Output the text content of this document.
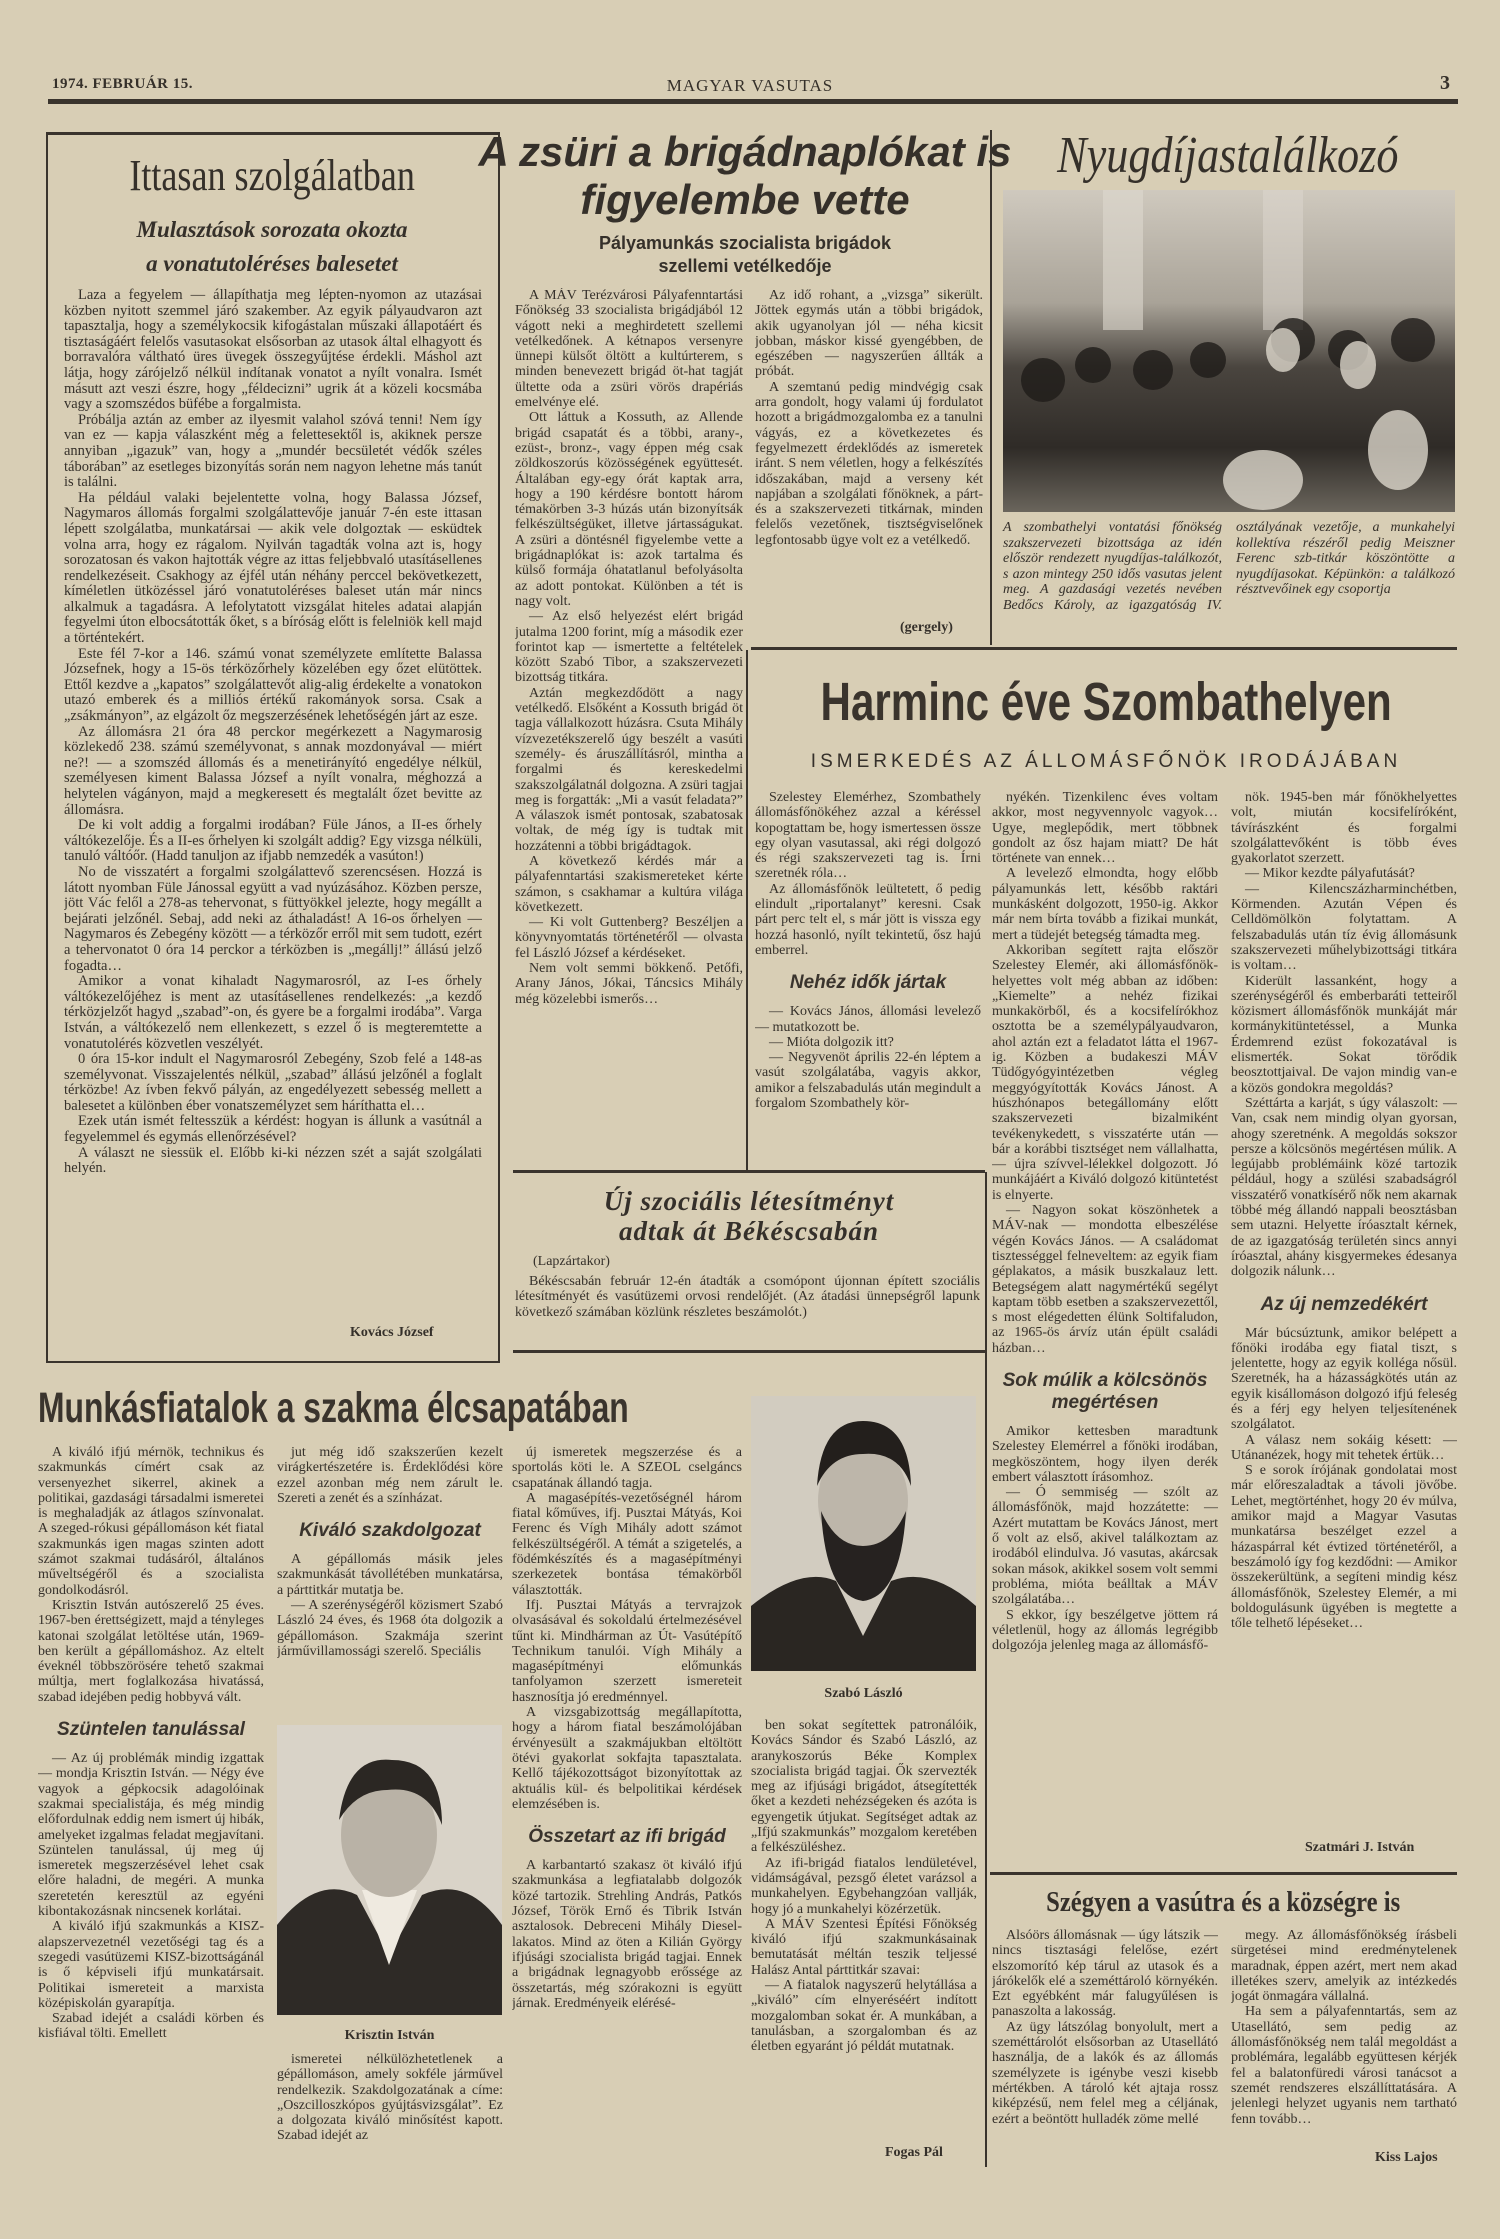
1974. FEBRUÁR 15.	MAGYAR VASUTAS	3
Ittasan szolgálatban
Mulasztások sorozata okozta
a vonatutoléréses balesetet

Laza a fegyelem — állapíthatja meg lépten-nyomon az utazásai közben nyitott szemmel járó szakember. Az egyik pályaudvaron azt tapasztalja, hogy a személykocsik kifogástalan műszaki állapotáért és tisztaságáért felelős vasutasokat elsősorban az utasok által elhagyott és borravalóra váltható üres üvegek összegyűjtése érdekli. Máshol azt látja, hogy zárójelző nélkül indítanak vonatot a nyílt vonalra. Ismét másutt azt veszi észre, hogy „féldecizni” ugrik át a közeli kocsmába vagy a szomszédos büfébe a forgalmista.

Próbálja aztán az ember az ilyesmit valahol szóvá tenni! Nem így van ez — kapja válaszként még a felettesektől is, akiknek persze annyiban „igazuk” van, hogy a „mundér becsületét védők széles táborában” az esetleges bizonyítás során nem nagyon lehetne más tanút is találni.

Ha például valaki bejelentette volna, hogy Balassa József, Nagymaros állomás forgalmi szolgálattevője január 7-én este ittasan lépett szolgálatba, munkatársai — akik vele dolgoztak — esküdtek volna arra, hogy ez rágalom. Nyilván tagadták volna azt is, hogy sorozatosan és vakon hajtották végre az ittas feljebbvaló utasításellenes rendelkezéseit. Csakhogy az éjfél után néhány perccel bekövetkezett, kíméletlen ütközéssel járó vonatutoléréses baleset után már nincs alkalmuk a tagadásra. A lefolytatott vizsgálat hiteles adatai alapján fegyelmi úton elbocsátották őket, s a bíróság előtt is felelniök kell majd a történtekért.

Este fél 7-kor a 146. számú vonat személyzete említette Balassa Józsefnek, hogy a 15-ös térközőrhely közelében egy őzet elütöttek. Ettől kezdve a „kapatos” szolgálattevőt alig-alig érdekelte a vonatokon utazó emberek és a milliós értékű rakományok sorsa. Csak a „zsákmányon”, az elgázolt őz megszerzésének lehetőségén járt az esze.

Az állomásra 21 óra 48 perckor megérkezett a Nagymarosig közlekedő 238. számú személyvonat, s annak mozdonyával — miért ne?! — a szomszéd állomás és a menetirányító engedélye nélkül, személyesen kiment Balassa József a nyílt vonalra, méghozzá a helytelen vágányon, majd a megkeresett és megtalált őzet bevitte az állomásra.

De ki volt addig a forgalmi irodában? Füle János, a II-es őrhely váltókezelője. És a II-es őrhelyen ki szolgált addig? Egy vizsga nélküli, tanuló váltóőr. (Hadd tanuljon az ifjabb nemzedék a vasúton!)

No de visszatért a forgalmi szolgálattevő szerencsésen. Hozzá is látott nyomban Füle Jánossal együtt a vad nyúzásához. Közben persze, jött Vác felől a 278-as tehervonat, s füttyökkel jelezte, hogy megállt a bejárati jelzőnél. Sebaj, add neki az áthaladást! A 16-os őrhelyen — Nagymaros és Zebegény között — a térközőr erről mit sem tudott, ezért a tehervonatot 0 óra 14 perckor a térközben is „megállj!” állású jelző fogadta…

Amikor a vonat kihaladt Nagymarosról, az I-es őrhely váltókezelőjéhez is ment az utasításellenes rendelkezés: „a kezdő térközjelzőt hagyd „szabad”-on, és gyere be a forgalmi irodába”. Varga István, a váltókezelő nem ellenkezett, s ezzel ő is megteremtette a vonatutolérés közvetlen veszélyét.

0 óra 15-kor indult el Nagymarosról Zebegény, Szob felé a 148-as személyvonat. Visszajelentés nélkül, „szabad” állású jelzőnél a foglalt térközbe! Az ívben fekvő pályán, az engedélyezett sebesség mellett a balesetet a különben éber vonatszemélyzet sem háríthatta el…

Ezek után ismét feltesszük a kérdést: hogyan is állunk a vasútnál a fegyelemmel és egymás ellenőrzésével?

A választ ne siessük el. Előbb ki-ki nézzen szét a saját szolgálati helyén.

Kovács József
A zsüri a brigádnaplókat is
figyelembe vette
Pályamunkás szocialista brigádok
szellemi vetélkedője

A MÁV Terézvárosi Pályafenntartási Főnökség 33 szocialista brigádjából 12 vágott neki a meghirdetett szellemi vetélkedőnek. A kétnapos versenyre ünnepi külsőt öltött a kultúrterem, s minden benevezett brigád öt-hat tagját ültette oda a zsüri vörös drapériás emelvénye elé.

Ott láttuk a Kossuth, az Allende brigád csapatát és a többi, arany-, ezüst-, bronz-, vagy éppen még csak zöldkoszorús közösségének együttesét. Általában egy-egy órát kaptak arra, hogy a 190 kérdésre bontott három témakörben 3-3 húzás után bizonyítsák felkészültségüket, illetve jártasságukat. A zsüri a döntésnél figyelembe vette a brigádnaplókat is: azok tartalma és külső formája óhatatlanul befolyásolta az adott pontokat. Különben a tét is nagy volt.

— Az első helyezést elért brigád jutalma 1200 forint, míg a második ezer forintot kap — ismertette a feltételek között Szabó Tibor, a szakszervezeti bizottság titkára.

Aztán megkezdődött a nagy vetélkedő. Elsőként a Kossuth brigád öt tagja vállalkozott húzásra. Csuta Mihály vízvezetékszerelő úgy beszélt a vasúti személy- és áruszállításról, mintha a forgalmi és kereskedelmi szakszolgálatnál dolgozna. A zsüri tagjai meg is forgatták: „Mi a vasút feladata?” A válaszok ismét pontosak, szabatosak voltak, de még így is tudtak mit hozzátenni a többi brigádtagok.

A következő kérdés már a pályafenntartási szakismereteket kérte számon, s csakhamar a kultúra világa következett.

— Ki volt Guttenberg? Beszéljen a könyvnyomtatás történetéről — olvasta fel László József a kérdéseket.

Nem volt semmi bökkenő. Petőfi, Arany János, Jókai, Táncsics Mihály még közelebbi ismerős…

Az idő rohant, a „vizsga” sikerült. Jöttek egymás után a többi brigádok, akik ugyanolyan jól — néha kicsit jobban, máskor kissé gyengébben, de egészében — nagyszerűen állták a próbát.

A szemtanú pedig mindvégig csak arra gondolt, hogy valami új fordulatot hozott a brigádmozgalomba ez a tanulni vágyás, ez a következetes és fegyelmezett érdeklődés az ismeretek iránt. S nem véletlen, hogy a felkészítés időszakában, majd a verseny két napjában a szolgálati főnöknek, a párt- és a szakszervezeti titkárnak, minden felelős vezetőnek, tisztségviselőnek legfontosabb ügye volt ez a vetélkedő.

(gergely)
Nyugdíjastalálkozó
A szombathelyi vontatási főnökség szakszervezeti bizottsága az idén először rendezett nyugdíjas-találkozót, s azon mintegy 250 idős vasutas jelent meg. A gazdasági vezetés nevében Bedőcs Károly, az igazgatóság IV. osztályának vezetője, a munkahelyi kollektíva részéről pedig Meiszner Ferenc szb-titkár köszöntötte a nyugdíjasokat. Képünkön: a találkozó résztvevőinek egy csoportja
Harminc éve Szombathelyen
ISMERKEDÉS AZ ÁLLOMÁSFŐNÖK IRODÁJÁBAN

Szelestey Elemérhez, Szombathely állomásfőnökéhez azzal a kéréssel kopogtattam be, hogy ismertessen össze egy olyan vasutassal, aki régi dolgozó és régi szakszervezeti tag is. Írni szeretnék róla…

Az állomásfőnök leültetett, ő pedig elindult „riportalanyt” keresni. Csak párt perc telt el, s már jött is vissza egy hozzá hasonló, nyílt tekintetű, ősz hajú emberrel.

Nehéz idők jártak

— Kovács János, állomási levelező — mutatkozott be.

— Mióta dolgozik itt?

— Negyvenöt április 22-én léptem a vasút szolgálatába, vagyis akkor, amikor a felszabadulás után megindult a forgalom Szombathely kör-

nyékén. Tizenkilenc éves voltam akkor, most negyvennyolc vagyok… Ugye, meglepődik, mert többnek gondolt az ősz hajam miatt? De hát története van ennek…

A levelező elmondta, hogy előbb pályamunkás lett, később raktári munkásként dolgozott, 1950-ig. Akkor már nem bírta tovább a fizikai munkát, mert a tüdejét betegség támadta meg.

Akkoriban segített rajta először Szelestey Elemér, aki állomásfőnök-helyettes volt még abban az időben: „Kiemelte” a nehéz fizikai munkakörből, és a kocsifelírókhoz osztotta be a személypályaudvaron, ahol aztán ezt a feladatot látta el 1967-ig. Közben a budakeszi MÁV Tüdőgyógyintézetben végleg meggyógyították Kovács Jánost. A húszhónapos betegállomány előtt szakszervezeti bizalmiként tevékenykedett, s visszatérte után — bár a korábbi tisztséget nem vállalhatta, — újra szívvel-lélekkel dolgozott. Jó munkájáért a Kiváló dolgozó kitüntetést is elnyerte.

— Nagyon sokat köszönhetek a MÁV-nak — mondotta elbeszélése végén Kovács János. — A családomat tisztességgel felneveltem: az egyik fiam géplakatos, a másik buszkalauz lett. Betegségem alatt nagymértékű segélyt kaptam több esetben a szakszervezettől, s most elégedetten élünk Soltifaludon, az 1965-ös árvíz után épült családi házban…

Sok múlik a kölcsönös megértésen

Amikor kettesben maradtunk Szelestey Elemérrel a főnöki irodában, megköszöntem, hogy ilyen derék embert választott írásomhoz.

— Ó semmiség — szólt az állomásfőnök, majd hozzátette: — Azért mutattam be Kovács Jánost, mert ő volt az első, akivel találkoztam az irodából elindulva. Jó vasutas, akárcsak sokan mások, akikkel sosem volt semmi probléma, mióta beálltak a MÁV szolgálatába…

S ekkor, így beszélgetve jöttem rá véletlenül, hogy az állomás legrégibb dolgozója jelenleg maga az állomásfő-

nök. 1945-ben már főnökhelyettes volt, miután kocsifelíróként, távírászként és forgalmi szolgálattevőként is több éves gyakorlatot szerzett.

— Mikor kezdte pályafutását?

— Kilencszázharminchétben, Körmenden. Azután Vépen és Celldömölkön folytattam. A felszabadulás után tíz évig állomásunk szakszervezeti műhelybizottsági titkára is voltam…

Kiderült lassanként, hogy a szerénységéről és emberbaráti tetteiről közismert állomásfőnök munkáját már kormánykitüntetéssel, a Munka Érdemrend ezüst fokozatával is elismerték. Sokat törődik beosztottjaival. De vajon mindig van-e a közös gondokra megoldás?

Széttárta a karját, s úgy válaszolt: — Van, csak nem mindig olyan gyorsan, ahogy szeretnénk. A megoldás sokszor persze a kölcsönös megértésen múlik. A legújabb problémáink közé tartozik például, hogy a szülési szabadságról visszatérő vonatkísérő nők nem akarnak többé még állandó nappali beosztásban sem utazni. Helyette íróasztalt kérnek, de az igazgatóság területén sincs annyi íróasztal, ahány kisgyermekes édesanya dolgozik nálunk…

Az új nemzedékért

Már búcsúztunk, amikor belépett a főnöki irodába egy fiatal tiszt, s jelentette, hogy az egyik kolléga nősül. Szeretnék, ha a házasságkötés után az egyik kisállomáson dolgozó ifjú feleség és a férj egy helyen teljesítenének szolgálatot.

A válasz nem sokáig késett: — Utánanézek, hogy mit tehetek értük…

S e sorok írójának gondolatai most már előreszaladtak a távoli jövőbe. Lehet, megtörténhet, hogy 20 év múlva, amikor majd a Magyar Vasutas munkatársa beszélget ezzel a házaspárral két évtized történetéről, a beszámoló így fog kezdődni: — Amikor összekerültünk, a segíteni mindig kész állomásfőnök, Szelestey Elemér, a mi boldogulásunk ügyében is megtette a tőle telhető lépéseket…

Szatmári J. István
Új szociális létesítményt
adtak át Békéscsabán
(Lapzártakor)

Békéscsabán február 12-én átadták a csomópont újonnan épített szociális létesítményét és vasútüzemi orvosi rendelőjét. (Az átadási ünnepségről lapunk következő számában közlünk részletes beszámolót.)

Munkásfiatalok a szakma élcsapatában

A kiváló ifjú mérnök, technikus és szakmunkás címért csak az versenyezhet sikerrel, akinek a politikai, gazdasági társadalmi ismeretei is meghaladják az átlagos színvonalat. A szeged-rókusi gépállomáson két fiatal szakmunkás igen magas szinten adott számot szakmai tudásáról, általános műveltségéről és a szocialista gondolkodásról.

Krisztin István autószerelő 25 éves. 1967-ben érettségizett, majd a tényleges katonai szolgálat letöltése után, 1969-ben került a gépállomáshoz. Az eltelt éveknél többszörösére tehető szakmai múltja, mert foglalkozása hivatássá, szabad idejében pedig hobbyvá vált.

Szüntelen tanulással

— Az új problémák mindig izgattak — mondja Krisztin István. — Négy éve vagyok a gépkocsik adagolóinak szakmai specialistája, és még mindig előfordulnak eddig nem ismert új hibák, amelyeket izgalmas feladat megjavítani. Szüntelen tanulással, új meg új ismeretek megszerzésével lehet csak előre haladni, de megéri. A munka szeretetén keresztül az egyéni kibontakozásnak nincsenek korlátai.

A kiváló ifjú szakmunkás a KISZ-alapszervezetnél vezetőségi tag és a szegedi vasútüzemi KISZ-bizottságánál is ő képviseli ifjú munkatársait. Politikai ismereteit a marxista középiskolán gyarapítja.

Szabad idejét a családi körben és kisfiával tölti. Emellett

jut még idő szakszerűen kezelt virágkertészetére is. Érdeklődési köre ezzel azonban még nem zárult le. Szereti a zenét és a színházat.

Kiváló szakdolgozat

A gépállomás másik jeles szakmunkását távollétében munkatársa, a párttitkár mutatja be.

— A szerénységéről közismert Szabó László 24 éves, és 1968 óta dolgozik a gépállomáson. Szakmája szerint járművillamossági szerelő. Speciális

Krisztin István

ismeretei nélkülözhetetlenek a gépállomáson, amely sokféle járművel rendelkezik. Szakdolgozatának a címe: „Oszcilloszkópos gyújtásvizsgálat”. Ez a dolgozata kiváló minősítést kapott. Szabad idejét az

új ismeretek megszerzése és a sportolás köti le. A SZEOL cselgáncs csapatának állandó tagja.

A magasépítés-vezetőségnél három fiatal kőműves, ifj. Pusztai Mátyás, Koi Ferenc és Vígh Mihály adott számot felkészültségéről. A témát a szigetelés, a födémkészítés és a magasépítményi szerkezetek bontása témakörből választották.

Ifj. Pusztai Mátyás a tervrajzok olvasásával és sokoldalú értelmezésével tűnt ki. Mindhárman az Út- Vasútépítő Technikum tanulói. Vígh Mihály a magasépítményi előmunkás tanfolyamon szerzett ismereteit hasznosítja jó eredménnyel.

A vizsgabizottság megállapította, hogy a három fiatal beszámolójában érvényesült a szakmájukban eltöltött ötévi gyakorlat sokfajta tapasztalata. Kellő tájékozottságot bizonyítottak az aktuális kül- és belpolitikai kérdések elemzésében is.

Összetart az ifi brigád

A karbantartó szakasz öt kiváló ifjú szakmunkása a legfiatalabb dolgozók közé tartozik. Strehling András, Patkós József, Török Ernő és Tibrik István asztalosok. Debreceni Mihály Diesel-lakatos. Mind az öten a Kilián György ifjúsági szocialista brigád tagjai. Ennek a brigádnak legnagyobb erőssége az összetartás, még szórakozni is együtt járnak. Eredményeik elérésé-

Szabó László

ben sokat segítettek patronálóik, Kovács Sándor és Szabó László, az aranykoszorús Béke Komplex szocialista brigád tagjai. Ők szervezték meg az ifjúsági brigádot, átsegítették őket a kezdeti nehézségeken és azóta is egyengetik útjukat. Segítséget adtak az „Ifjú szakmunkás” mozgalom keretében a felkészüléshez.

Az ifi-brigád fiatalos lendületével, vidámságával, pezsgő életet varázsol a munkahelyen. Egybehangzóan vallják, hogy jó a munkahelyi közérzetük.

A MÁV Szentesi Építési Főnökség kiváló ifjú szakmunkásainak bemutatását méltán teszik teljessé Halász Antal párttitkár szavai:

— A fiatalok nagyszerű helytállása a „kiváló” cím elnyeréséért indított mozgalomban sokat ér. A munkában, a tanulásban, a szorgalomban és az életben egyaránt jó példát mutatnak.

Fogas Pál
Szégyen a vasútra és a községre is

Alsóörs állomásnak — úgy látszik — nincs tisztasági felelőse, ezért elszomorító kép tárul az utasok és a járókelők elé a szeméttároló környékén. Ezt egyébként már falugyűlésen is panaszolta a lakosság.

Az ügy látszólag bonyolult, mert a szeméttárolót elsősorban az Utasellátó használja, de a lakók és az állomás személyzete is igénybe veszi kisebb mértékben. A tároló két ajtaja rossz kiképzésű, nem felel meg a céljának, ezért a beöntött hulladék zöme mellé

megy. Az állomásfőnökség írásbeli sürgetései mind eredménytelenek maradnak, éppen azért, mert nem akad illetékes szerv, amelyik az intézkedés jogát önmagára vállalná.

Ha sem a pályafenntartás, sem az Utasellátó, sem pedig az állomásfőnökség nem talál megoldást a problémára, legalább együttesen kérjék fel a balatonfüredi városi tanácsot a szemét rendszeres elszállíttatására. A jelenlegi helyzet ugyanis nem tartható fenn tovább…

Kiss Lajos
